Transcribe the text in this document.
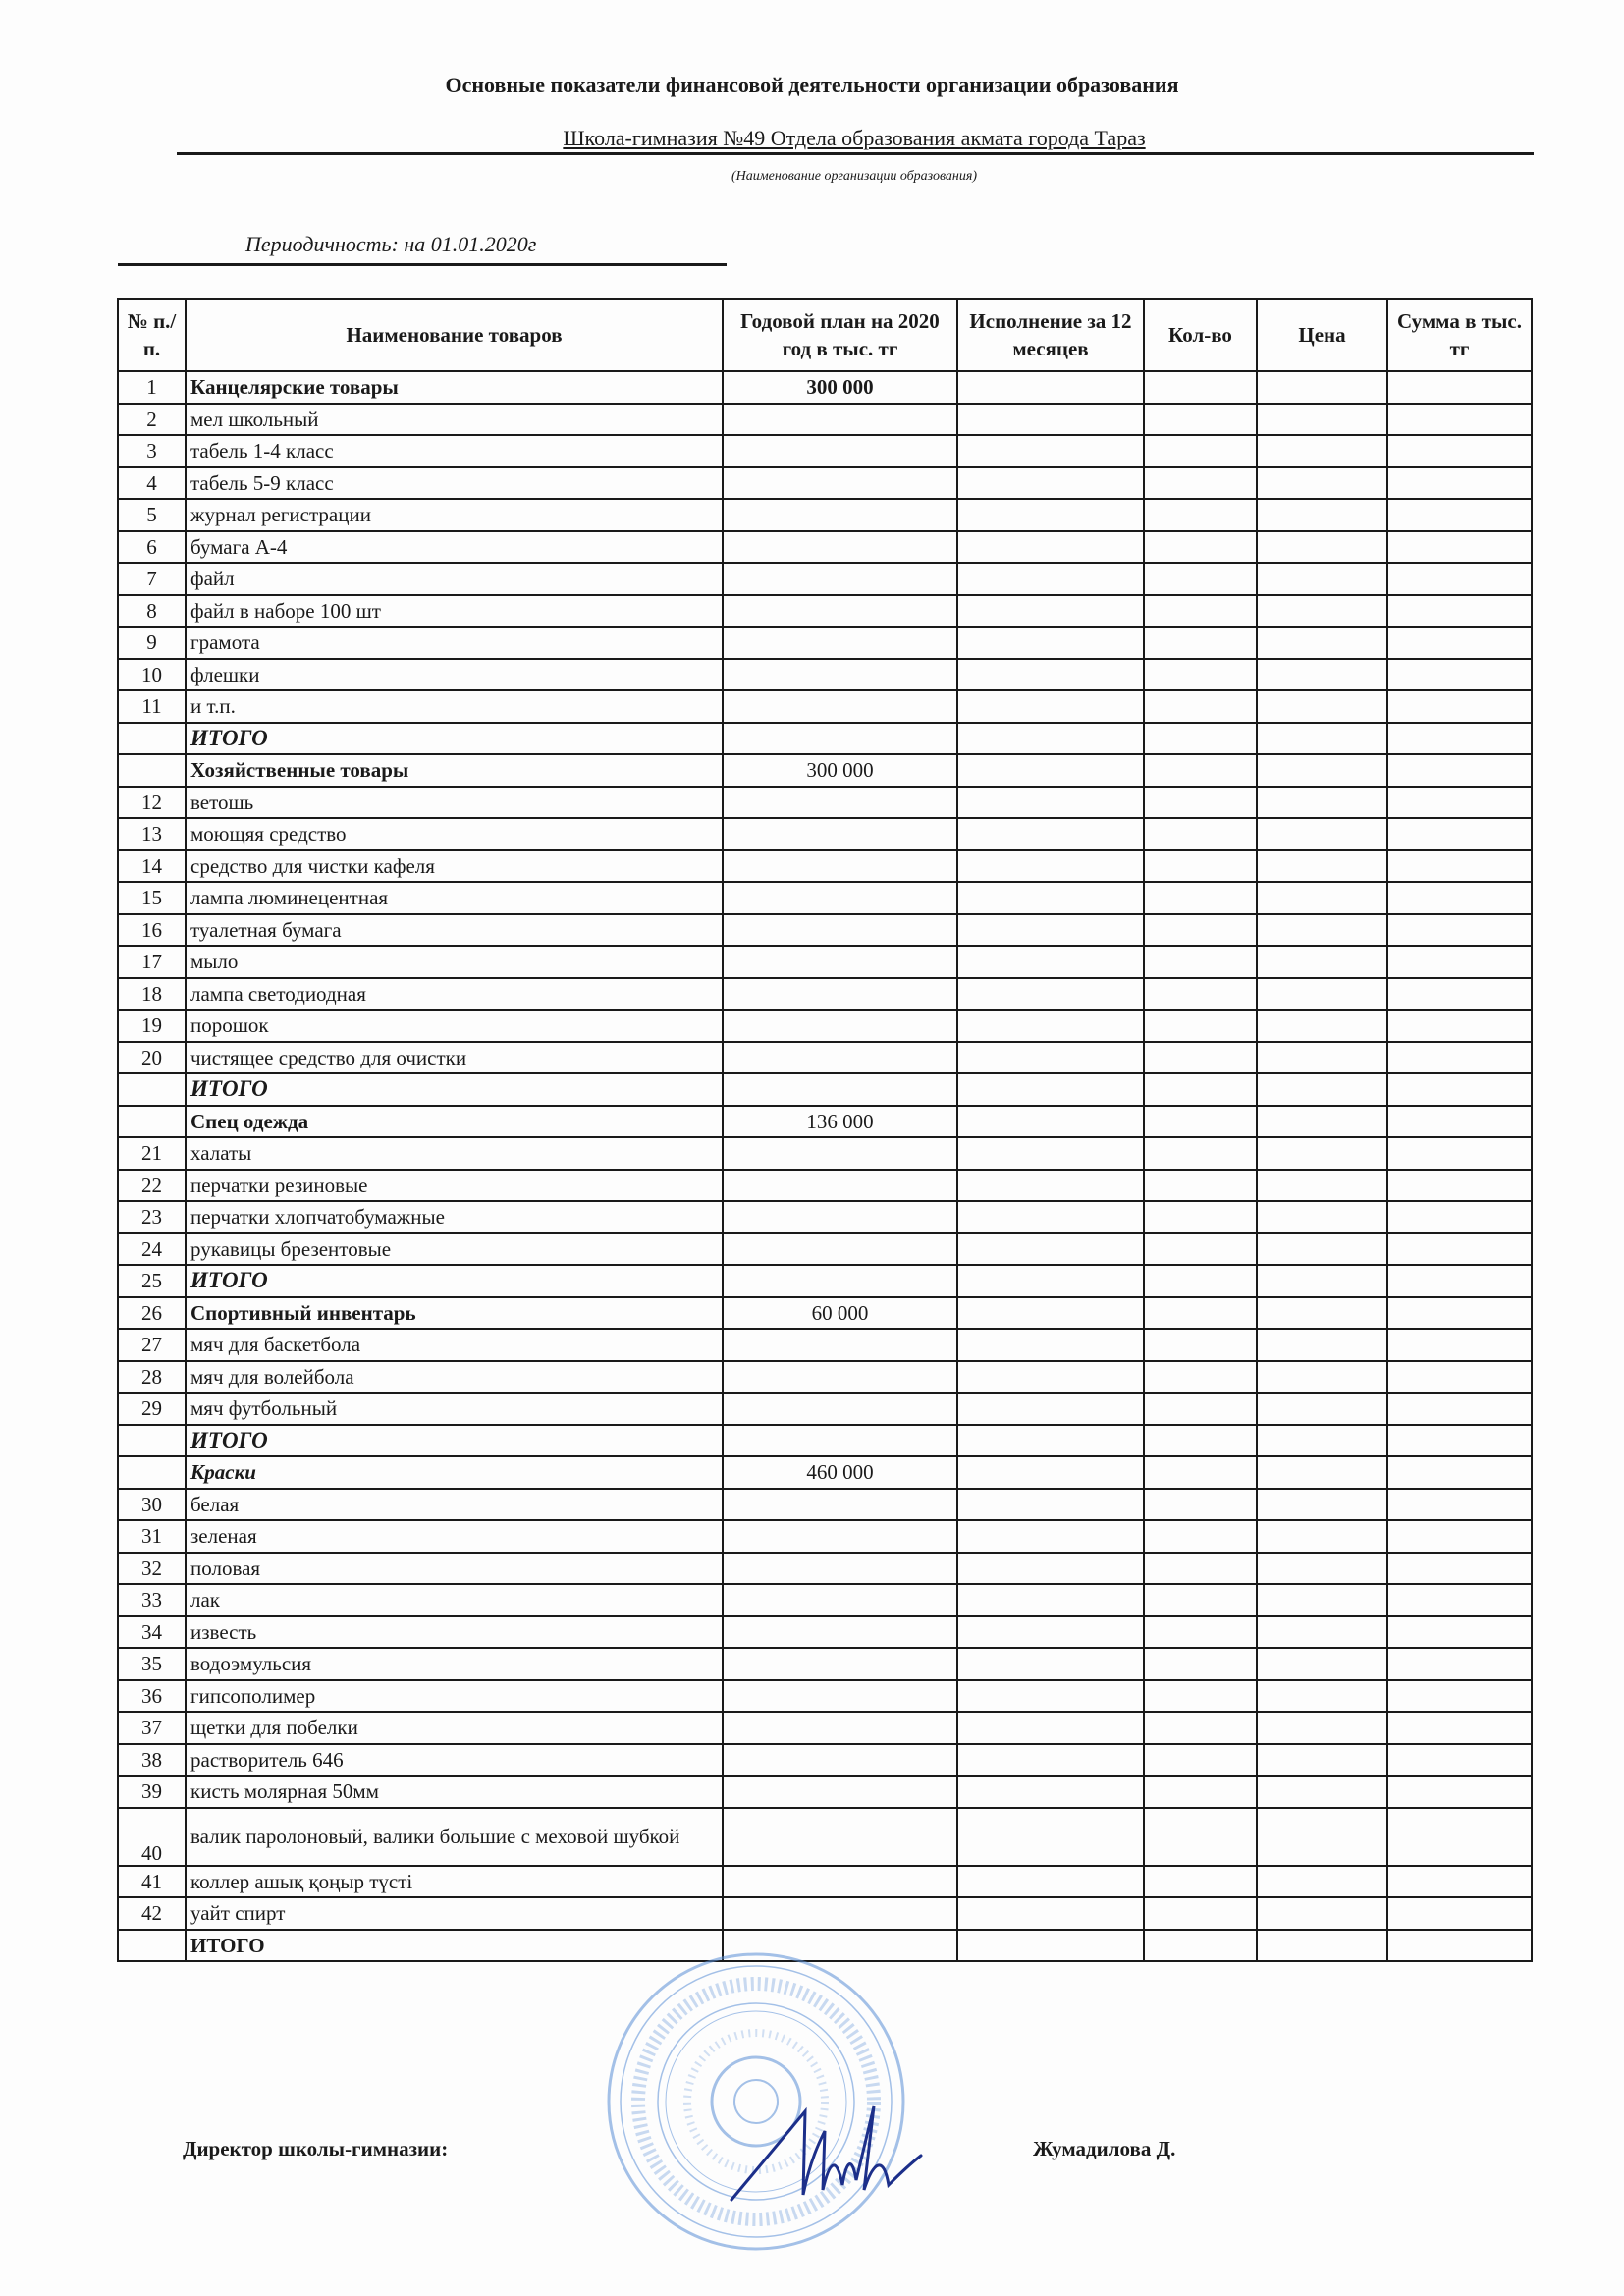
Основные показатели финансовой деятельности организации образования
Школа-гимназия №49 Отдела образования акмата города Тараз
(Наименование организации образования)
Периодичность: на 01.01.2020г
№ п./п.	Наименование товаров	Годовой план на 2020 год в тыс. тг	Исполнение за 12 месяцев	Кол-во	Цена	Сумма в тыс. тг
1	Канцелярские товары	300 000				
2	мел школьный					
3	табель 1-4 класс					
4	табель 5-9 класс					
5	журнал регистрации					
6	бумага А-4					
7	файл					
8	файл в наборе 100 шт					
9	грамота					
10	флешки					
11	и т.п.					
	ИТОГО					
	Хозяйственные товары	300 000				
12	ветошь					
13	моющяя средство					
14	средство для чистки кафеля					
15	лампа люминецентная					
16	туалетная бумага					
17	мыло					
18	лампа светодиодная					
19	порошок					
20	чистящее средство для очистки					
	ИТОГО					
	Спец одежда	136 000				
21	халаты					
22	перчатки резиновые					
23	перчатки хлопчатобумажные					
24	рукавицы брезентовые					
25	ИТОГО					
26	Спортивный инвентарь	60 000				
27	мяч для баскетбола					
28	мяч для волейбола					
29	мяч футбольный					
	ИТОГО					
	Краски	460 000				
30	белая					
31	зеленая					
32	половая					
33	лак					
34	известь					
35	водоэмульсия					
36	гипсополимер					
37	щетки для побелки					
38	растворитель 646					
39	кисть молярная 50мм					
40	валик паролоновый, валики большие с меховой шубкой					
41	коллер ашық қоңыр түсті					
42	уайт спирт					
	ИТОГО					
Директор школы-гимназии:	Жумадилова Д.
